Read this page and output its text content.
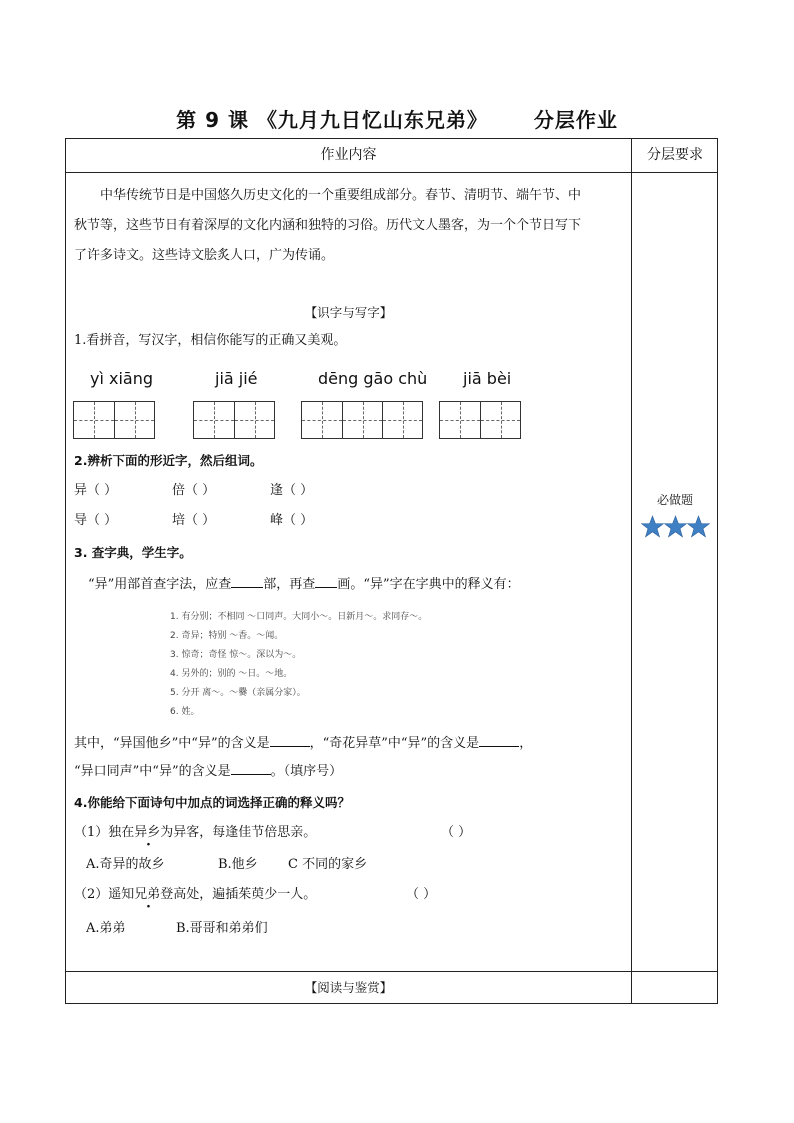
第 9 课 《九月九日忆山东兄弟》 分层作业
作业内容	分层要求
中华传统节日是中国悠久历史文化的一个重要组成部分。春节、清明节、端午节、中
秋节等，这些节日有着深厚的文化内涵和独特的习俗。历代文人墨客，为一个个节日写下
了许多诗文。这些诗文脍炙人口，广为传诵。
【识字与写字】
1.看拼音，写汉字，相信你能写的正确又美观。
yì xiāng	jiā jié	dēng gāo chù jiā bèi
2.辨析下面的形近字，然后组词。
异（ ）	倍（ ）	逢（ ）
导（ ）	培（ ）	峰（ ）
3. 查字典，学生字。
“异”用部首查字法，应查 部，再查 画。“异”字在字典中的释义有：
1. 有分别；不相同 ～口同声。大同小～。日新月～。求同存～。
2. 奇异；特别 ～香。～闻。
3. 惊奇；奇怪 惊～。深以为～。
4. 另外的；别的 ～日。～地。
5. 分开 离～。～爨（亲属分家）。
6. 姓。
其中，“异国他乡”中“异”的含义是	，“奇花异草”中“异”的含义是	，
“异口同声”中“异”的含义是	。（填序号）
4.你能给下面诗句中加点的词选择正确的释义吗？
（1）独在异乡为异客，每逢佳节倍思亲。	（ ）
A.奇异的故乡	B.他乡	C 不同的家乡
（2）遥知兄弟登高处，遍插茱萸少一人。	（ ）
A.弟弟	B.哥哥和弟弟们
必做题
【阅读与鉴赏】
